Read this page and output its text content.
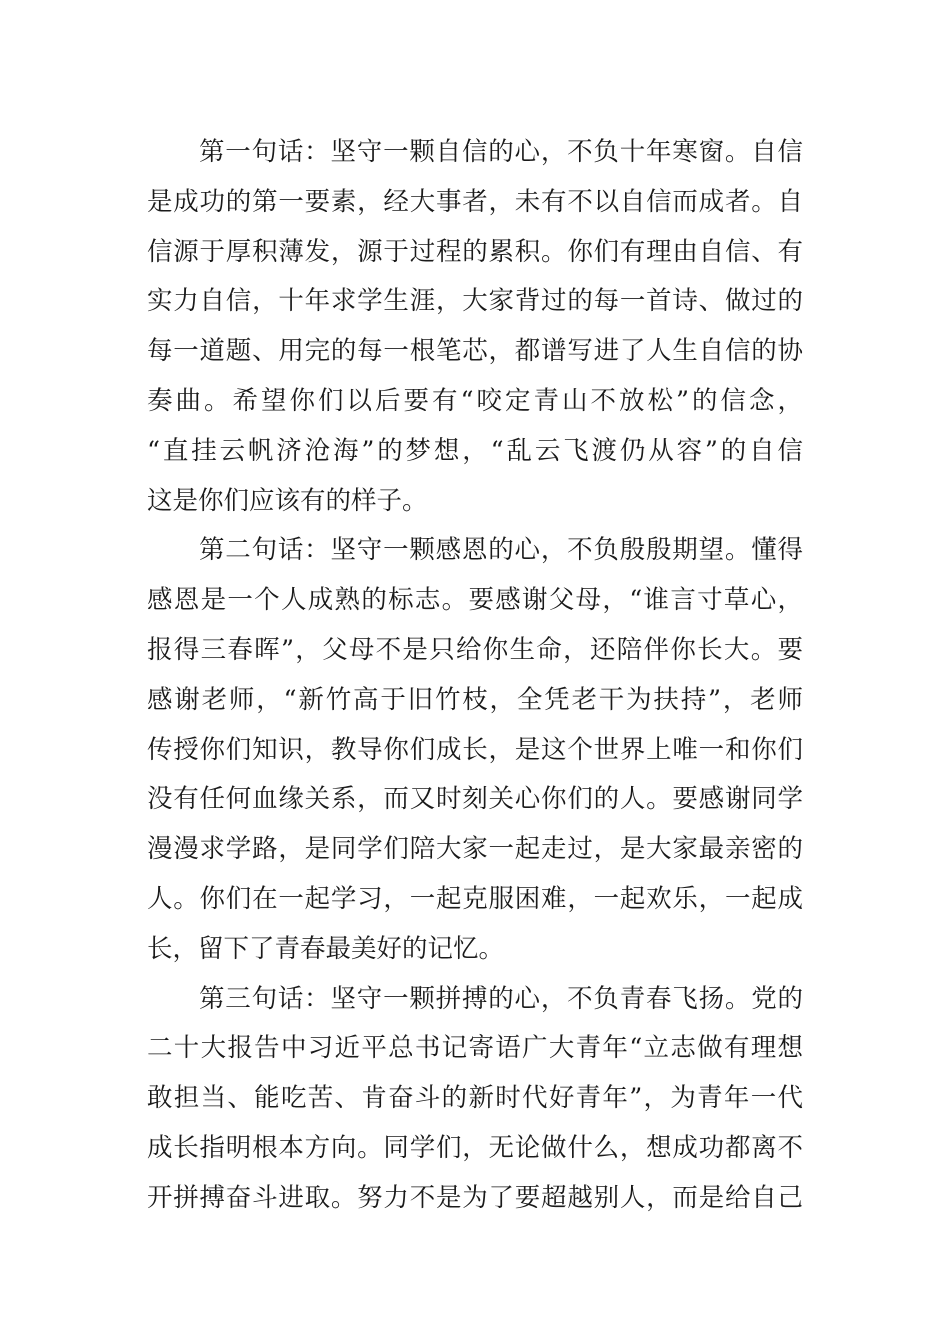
第一句话：坚守一颗自信的心，不负十年寒窗。自信
是成功的第一要素，经大事者，未有不以自信而成者。自
信源于厚积薄发，源于过程的累积。你们有理由自信、有
实力自信，十年求学生涯，大家背过的每一首诗、做过的
每一道题、用完的每一根笔芯，都谱写进了人生自信的协
奏曲。希望你们以后要有“咬定青山不放松”的信念，
“直挂云帆济沧海”的梦想，“乱云飞渡仍从容”的自信
这是你们应该有的样子。
第二句话：坚守一颗感恩的心，不负殷殷期望。懂得
感恩是一个人成熟的标志。要感谢父母，“谁言寸草心，
报得三春晖”，父母不是只给你生命，还陪伴你长大。要
感谢老师，“新竹高于旧竹枝，全凭老干为扶持”，老师
传授你们知识，教导你们成长，是这个世界上唯一和你们
没有任何血缘关系，而又时刻关心你们的人。要感谢同学
漫漫求学路，是同学们陪大家一起走过，是大家最亲密的
人。你们在一起学习，一起克服困难，一起欢乐，一起成
长，留下了青春最美好的记忆。
第三句话：坚守一颗拼搏的心，不负青春飞扬。党的
二十大报告中习近平总书记寄语广大青年“立志做有理想
敢担当、能吃苦、肯奋斗的新时代好青年”，为青年一代
成长指明根本方向。同学们，无论做什么，想成功都离不
开拼搏奋斗进取。努力不是为了要超越别人，而是给自己
